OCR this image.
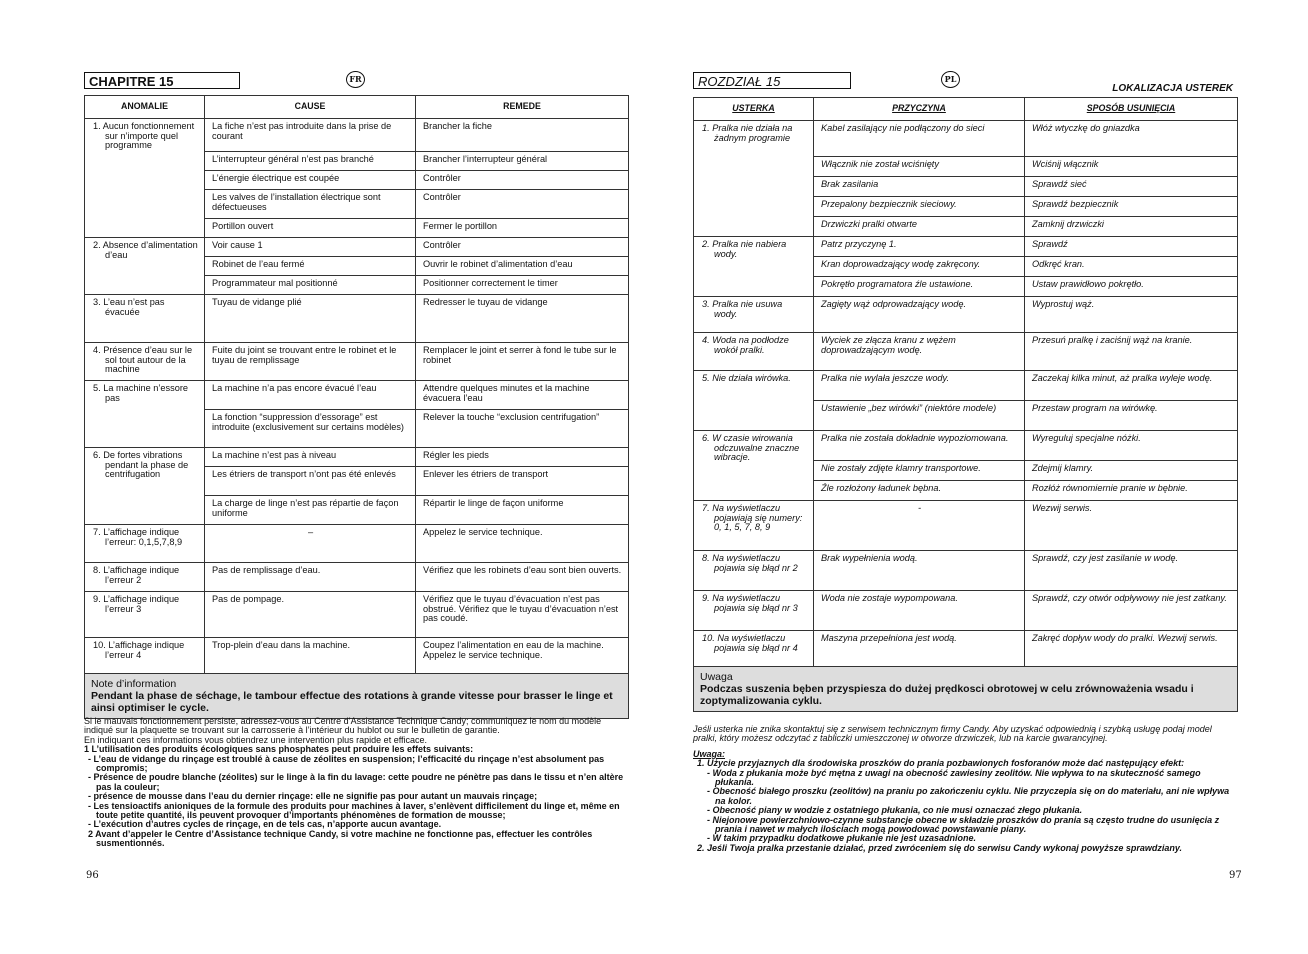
CHAPITRE 15	FR
ANOMALIE	CAUSE	REMEDE
1. Aucun fonctionnement sur n’importe quel programme	La fiche n’est pas introduite dans la prise de courant	Brancher la fiche
	L’interrupteur général n’est pas branché	Brancher l’interrupteur général
	L’énergie électrique est coupée	Contrôler
	Les valves de l’installation électrique sont défectueuses	Contrôler
	Portillon ouvert	Fermer le portillon
2. Absence d’alimentation d’eau	Voir cause 1	Contrôler
	Robinet de l’eau fermé	Ouvrir le robinet d’alimentation d’eau
	Programmateur mal positionné	Positionner correctement le timer
3. L’eau n’est pas évacuée	Tuyau de vidange plié	Redresser le tuyau de vidange
4. Présence d’eau sur le sol tout autour de la machine	Fuite du joint se trouvant entre le robinet et le tuyau de remplissage	Remplacer le joint et serrer à fond le tube sur le robinet
5. La machine n’essore pas	La machine n’a pas encore évacué l’eau	Attendre quelques minutes et la machine évacuera l’eau
	La fonction “suppression d’essorage” est introduite (exclusivement sur certains modèles)	Relever la touche “exclusion centrifugation”
6. De fortes vibrations pendant la phase de centrifugation	La machine n’est pas à niveau	Régler les pieds
	Les étriers de transport n’ont pas été enlevés	Enlever les étriers de transport
	La charge de linge n’est pas répartie de façon uniforme	Répartir le linge de façon uniforme
7. L’affichage indique l’erreur: 0,1,5,7,8,9	–	Appelez le service technique.
8. L’affichage indique l’erreur 2	Pas de remplissage d’eau.	Vérifiez que les robinets d’eau sont bien ouverts.
9. L’affichage indique l’erreur 3	Pas de pompage.	Vérifiez que le tuyau d’évacuation n’est pas obstrué. Vérifiez que le tuyau d’évacuation n’est pas coudé.
10. L’affichage indique l’erreur 4	Trop-plein d’eau dans la machine.	Coupez l’alimentation en eau de la machine. Appelez le service technique.

Note d’information
Pendant la phase de séchage, le tambour effectue des rotations à grande vitesse pour brasser le linge et ainsi optimiser le cycle.		

Si le mauvais fonctionnement persiste, adressez-vous au Centre d’Assistance Technique Candy; communiquez le nom du modèle indiqué sur la plaquette se trouvant sur la carrosserie à l’intérieur du hublot ou sur le bulletin de garantie.

En indiquant ces informations vous obtiendrez une intervention plus rapide et efficace.

1 L’utilisation des produits écologiques sans phosphates peut produire les effets suivants:

- L’eau de vidange du rinçage est troublé à cause de zéolites en suspension; l’efficacité du rinçage n’est absolument pas compromis;

- Présence de poudre blanche (zéolites) sur le linge à la fin du lavage: cette poudre ne pénètre pas dans le tissu et n’en altère pas la couleur;

- présence de mousse dans l’eau du dernier rinçage: elle ne signifie pas pour autant un mauvais rinçage;

- Les tensioactifs anioniques de la formule des produits pour machines à laver, s’enlèvent difficilement du linge et, même en toute petite quantité, ils peuvent provoquer d’importants phénomènes de formation de mousse;

- L’exécution d’autres cycles de rinçage, en de tels cas, n’apporte aucun avantage.

2 Avant d’appeler le Centre d’Assistance technique Candy, si votre machine ne fonctionne pas, effectuer les contrôles susmentionnés.

96
ROZDZIAŁ 15	PL
LOKALIZACJA USTEREK
USTERKA	PRZYCZYNA	SPOSÓB USUNIĘCIA
1. Pralka nie działa na żadnym programie	Kabel zasilający nie podłączony do sieci	Włóż wtyczkę do gniazdka
	Włącznik nie został wciśnięty	Wciśnij włącznik
	Brak zasilania	Sprawdź sieć
	Przepalony bezpiecznik sieciowy.	Sprawdź bezpiecznik
	Drzwiczki pralki otwarte	Zamknij drzwiczki
2. Pralka nie nabiera wody.	Patrz przyczynę 1.	Sprawdź
	Kran doprowadzający wodę zakręcony.	Odkręć kran.
	Pokrętło programatora źle ustawione.	Ustaw prawidłowo pokrętło.
3. Pralka nie usuwa wody.	Zagięty wąż odprowadzający wodę.	Wyprostuj wąż.
4. Woda na podłodze wokół pralki.	Wyciek ze złącza kranu z wężem doprowadzającym wodę.	Przesuń pralkę i zaciśnij wąż na kranie.
5. Nie działa wirówka.	Pralka nie wylała jeszcze wody.	Zaczekaj kilka minut, aż pralka wyleje wodę.
	Ustawienie „bez wirówki” (niektóre modele)	Przestaw program na wirówkę.
6. W czasie wirowania odczuwalne znaczne wibracje.	Pralka nie została dokładnie wypoziomowana.	Wyreguluj specjalne nóżki.
	Nie zostały zdjęte klamry transportowe.	Zdejmij klamry.
	Źle rozłożony ładunek bębna.	Rozłóż równomiernie pranie w bębnie.
7. Na wyświetlaczu pojawiają się numery: 0, 1, 5, 7, 8, 9	-	Wezwij serwis.
8. Na wyświetlaczu pojawia się błąd nr 2	Brak wypełnienia wodą.	Sprawdź, czy jest zasilanie w wodę.
9. Na wyświetlaczu pojawia się błąd nr 3	Woda nie zostaje wypompowana.	Sprawdź, czy otwór odpływowy nie jest zatkany.
10. Na wyświetlaczu pojawia się błąd nr 4	Maszyna przepełniona jest wodą.	Zakręć dopływ wody do pralki. Wezwij serwis.

Uwaga
Podczas suszenia bęben przyspiesza do dużej prędkosci obrotowej w celu zrównoważenia wsadu i zoptymalizowania cyklu.		

Jeśli usterka nie znika skontaktuj się z serwisem technicznym firmy Candy. Aby uzyskać odpowiednią i szybką usługę podaj model pralki, który możesz odczytać z tabliczki umieszczonej w otworze drzwiczek, lub na karcie gwarancyjnej.

Uwaga:

1. Użycie przyjaznych dla środowiska proszków do prania pozbawionych fosforanów może dać następujący efekt:

- Woda z płukania może być mętna z uwagi na obecność zawiesiny zeolitów. Nie wpływa to na skuteczność samego płukania.

- Obecność białego proszku (zeolitów) na praniu po zakończeniu cyklu. Nie przyczepia się on do materiału, ani nie wpływa na kolor.

- Obecność piany w wodzie z ostatniego płukania, co nie musi oznaczać złego płukania.

- Niejonowe powierzchniowo-czynne substancje obecne w składzie proszków do prania są często trudne do usunięcia z prania i nawet w małych ilościach mogą powodować powstawanie piany.

- W takim przypadku dodatkowe płukanie nie jest uzasadnione.

2. Jeśli Twoja pralka przestanie działać, przed zwróceniem się do serwisu Candy wykonaj powyższe sprawdziany.

97
